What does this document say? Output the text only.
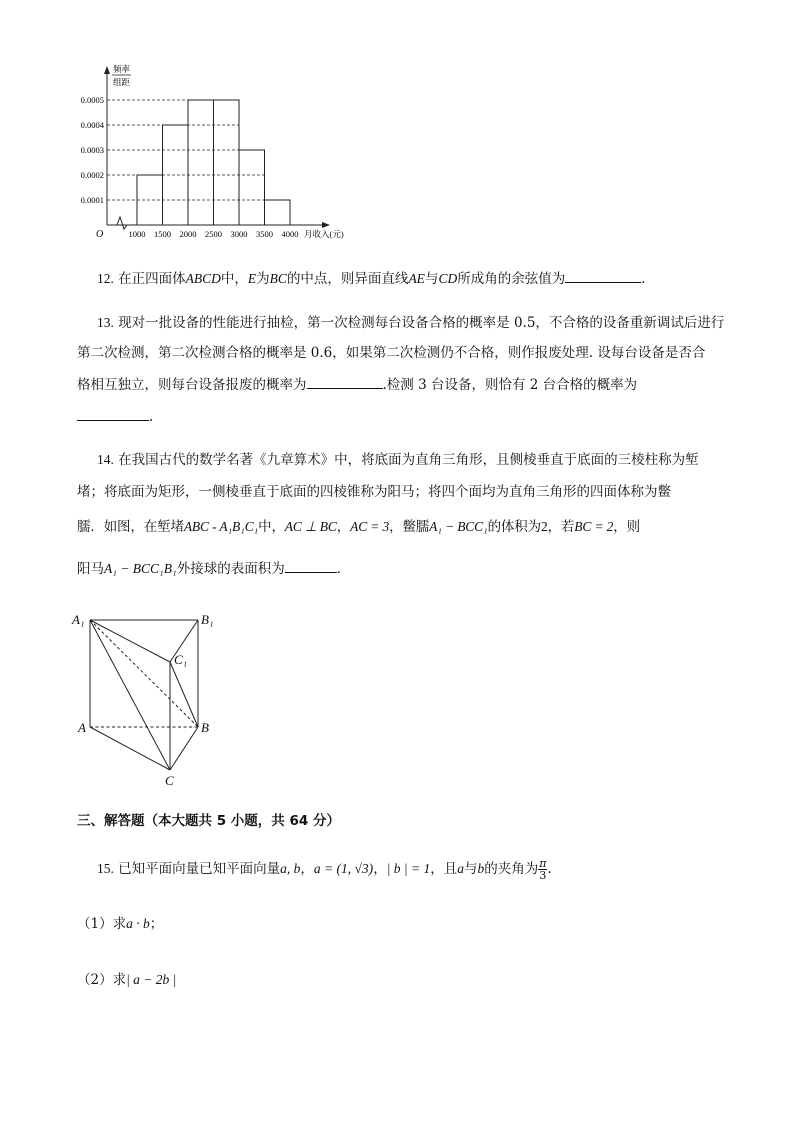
频率
组距
0.0001
0.0002
0.0003
0.0004
0.0005
1000 1500 2000 2500 3000 3500 4000 月收入(元)
O
12. 在正四面体ABCD中，E为BC的中点，则异面直线AE与CD所成角的余弦值为	.
13. 现对一批设备的性能进行抽检，第一次检测每台设备合格的概率是 0.5，不合格的设备重新调试后进行
第二次检测，第二次检测合格的概率是 0.6，如果第二次检测仍不合格，则作报废处理. 设每台设备是否合
格相互独立，则每台设备报废的概率为	.检测 3 台设备，则恰有 2 台合格的概率为
.
14. 在我国古代的数学名著《九章算术》中，将底面为直角三角形，且侧棱垂直于底面的三棱柱称为堑
堵；将底面为矩形，一侧棱垂直于底面的四棱锥称为阳马；将四个面均为直角三角形的四面体称为鳖
臑．如图，在堑堵ABC - A₁B₁C₁中，AC ⊥ BC，AC = 3，鳖臑A₁ − BCC₁的体积为2，若BC = 2，则
阳马A₁ − BCC₁B₁外接球的表面积为	．
A₁	B₁
C₁
A	B
C
三、解答题（本大题共 5 小题，共 64 分）
15. 已知平面向量已知平面向量a, b，a = (1, √3)，| b | = 1，且a与b的夹角为 $\frac{\pi}{3}$ .
（1）求a · b；
（2）求| a − 2b |
